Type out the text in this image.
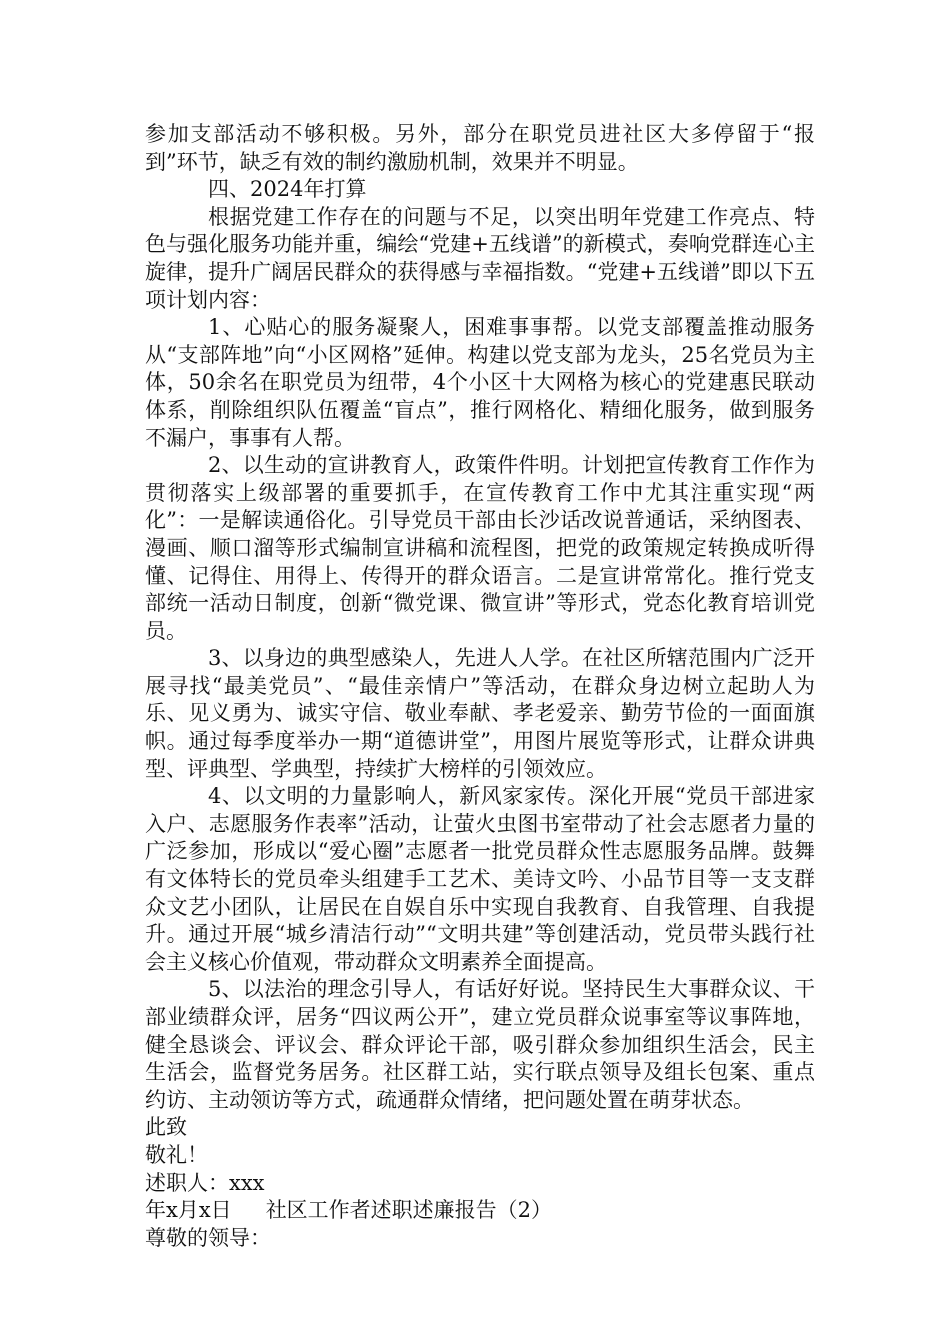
参加支部活动不够积极。另外，部分在职党员进社区大多停留于“报到”环节，缺乏有效的制约激励机制，效果并不明显。

四、2024年打算

根据党建工作存在的问题与不足，以突出明年党建工作亮点、特色与强化服务功能并重，编绘“党建+五线谱”的新模式，奏响党群连心主旋律，提升广阔居民群众的获得感与幸福指数。“党建+五线谱”即以下五项计划内容：

1、心贴心的服务凝聚人，困难事事帮。以党支部覆盖推动服务从“支部阵地”向“小区网格”延伸。构建以党支部为龙头，25名党员为主体，50余名在职党员为纽带，4个小区十大网格为核心的党建惠民联动体系，削除组织队伍覆盖“盲点”，推行网格化、精细化服务，做到服务不漏户，事事有人帮。

2、以生动的宣讲教育人，政策件件明。计划把宣传教育工作作为贯彻落实上级部署的重要抓手，在宣传教育工作中尤其注重实现“两化”：一是解读通俗化。引导党员干部由长沙话改说普通话，采纳图表、漫画、顺口溜等形式编制宣讲稿和流程图，把党的政策规定转换成听得懂、记得住、用得上、传得开的群众语言。二是宣讲常常化。推行党支部统一活动日制度，创新“微党课、微宣讲”等形式，党态化教育培训党员。

3、以身边的典型感染人，先进人人学。在社区所辖范围内广泛开展寻找“最美党员”、“最佳亲情户”等活动，在群众身边树立起助人为乐、见义勇为、诚实守信、敬业奉献、孝老爱亲、勤劳节俭的一面面旗帜。通过每季度举办一期“道德讲堂”，用图片展览等形式，让群众讲典型、评典型、学典型，持续扩大榜样的引领效应。

4、以文明的力量影响人，新风家家传。深化开展“党员干部进家入户、志愿服务作表率”活动，让萤火虫图书室带动了社会志愿者力量的广泛参加，形成以“爱心圈”志愿者一批党员群众性志愿服务品牌。鼓舞有文体特长的党员牵头组建手工艺术、美诗文吟、小品节目等一支支群众文艺小团队，让居民在自娱自乐中实现自我教育、自我管理、自我提升。通过开展“城乡清洁行动”“文明共建”等创建活动，党员带头践行社会主义核心价值观，带动群众文明素养全面提高。

5、以法治的理念引导人，有话好好说。坚持民生大事群众议、干部业绩群众评，居务“四议两公开”，建立党员群众说事室等议事阵地，健全恳谈会、评议会、群众评论干部，吸引群众参加组织生活会，民主生活会，监督党务居务。社区群工站，实行联点领导及组长包案、重点约访、主动领访等方式，疏通群众情绪，把问题处置在萌芽状态。

此致

敬礼！

述职人：xxx

年x月x日 社区工作者述职述廉报告（2）

尊敬的领导：
